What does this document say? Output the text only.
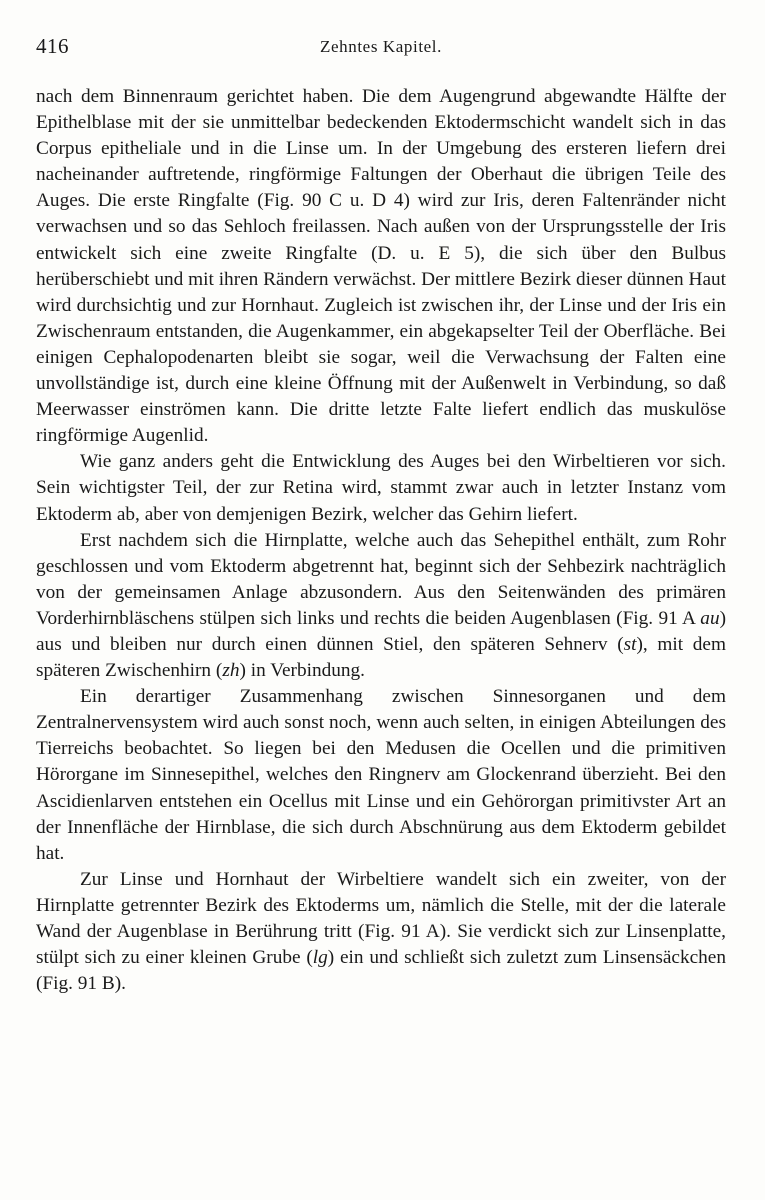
416	Zehntes Kapitel.

nach dem Binnenraum gerichtet haben. Die dem Augengrund abgewandte Hälfte der Epithelblase mit der sie unmittelbar bedeckenden Ektodermschicht wandelt sich in das Corpus epitheliale und in die Linse um. In der Umgebung des ersteren liefern drei nacheinander auftretende, ringförmige Faltungen der Oberhaut die übrigen Teile des Auges. Die erste Ringfalte (Fig. 90 C u. D 4) wird zur Iris, deren Faltenränder nicht verwachsen und so das Sehloch freilassen. Nach außen von der Ursprungsstelle der Iris entwickelt sich eine zweite Ringfalte (D. u. E 5), die sich über den Bulbus herüberschiebt und mit ihren Rändern verwächst. Der mittlere Bezirk dieser dünnen Haut wird durchsichtig und zur Hornhaut. Zugleich ist zwischen ihr, der Linse und der Iris ein Zwischenraum entstanden, die Augenkammer, ein abgekapselter Teil der Oberfläche. Bei einigen Cephalopodenarten bleibt sie sogar, weil die Verwachsung der Falten eine unvollständige ist, durch eine kleine Öffnung mit der Außenwelt in Verbindung, so daß Meerwasser einströmen kann. Die dritte letzte Falte liefert endlich das muskulöse ringförmige Augenlid.

Wie ganz anders geht die Entwicklung des Auges bei den Wirbeltieren vor sich. Sein wichtigster Teil, der zur Retina wird, stammt zwar auch in letzter Instanz vom Ektoderm ab, aber von demjenigen Bezirk, welcher das Gehirn liefert.

Erst nachdem sich die Hirnplatte, welche auch das Sehepithel enthält, zum Rohr geschlossen und vom Ektoderm abgetrennt hat, beginnt sich der Sehbezirk nachträglich von der gemeinsamen Anlage abzusondern. Aus den Seitenwänden des primären Vorderhirnbläschens stülpen sich links und rechts die beiden Augenblasen (Fig. 91 A au) aus und bleiben nur durch einen dünnen Stiel, den späteren Sehnerv (st), mit dem späteren Zwischenhirn (zh) in Verbindung.

Ein derartiger Zusammenhang zwischen Sinnesorganen und dem Zentralnervensystem wird auch sonst noch, wenn auch selten, in einigen Abteilungen des Tierreichs beobachtet. So liegen bei den Medusen die Ocellen und die primitiven Hörorgane im Sinnesepithel, welches den Ringnerv am Glockenrand überzieht. Bei den Ascidienlarven entstehen ein Ocellus mit Linse und ein Gehörorgan primitivster Art an der Innenfläche der Hirnblase, die sich durch Abschnürung aus dem Ektoderm gebildet hat.

Zur Linse und Hornhaut der Wirbeltiere wandelt sich ein zweiter, von der Hirnplatte getrennter Bezirk des Ektoderms um, nämlich die Stelle, mit der die laterale Wand der Augenblase in Berührung tritt (Fig. 91 A). Sie verdickt sich zur Linsenplatte, stülpt sich zu einer kleinen Grube (lg) ein und schließt sich zuletzt zum Linsensäckchen (Fig. 91 B).
